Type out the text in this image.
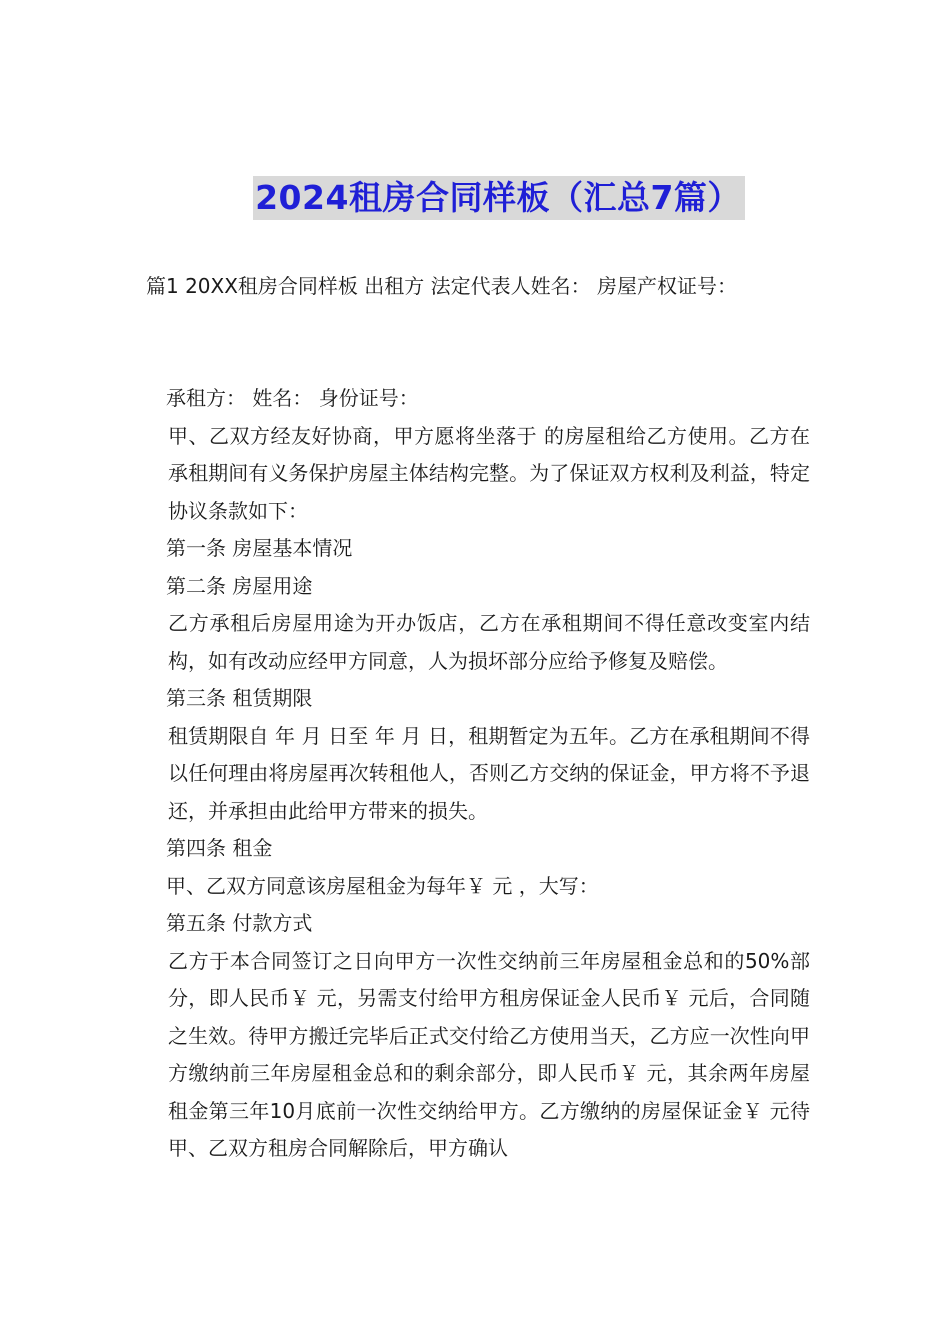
2024租房合同样板（汇总7篇）
篇1 20XX租房合同样板 出租方 法定代表人姓名： 房屋产权证号：

承租方： 姓名： 身份证号：

甲、乙双方经友好协商，甲方愿将坐落于 的房屋租给乙方使用。乙方在承租期间有义务保护房屋主体结构完整。为了保证双方权利及利益，特定协议条款如下：

第一条 房屋基本情况

第二条 房屋用途

乙方承租后房屋用途为开办饭店，乙方在承租期间不得任意改变室内结构，如有改动应经甲方同意，人为损坏部分应给予修复及赔偿。

第三条 租赁期限

租赁期限自 年 月 日至 年 月 日，租期暂定为五年。乙方在承租期间不得以任何理由将房屋再次转租他人，否则乙方交纳的保证金，甲方将不予退还，并承担由此给甲方带来的损失。

第四条 租金

甲、乙双方同意该房屋租金为每年￥ 元 ，大写：

第五条 付款方式

乙方于本合同签订之日向甲方一次性交纳前三年房屋租金总和的50%部分，即人民币￥ 元，另需支付给甲方租房保证金人民币￥ 元后，合同随之生效。待甲方搬迁完毕后正式交付给乙方使用当天，乙方应一次性向甲方缴纳前三年房屋租金总和的剩余部分，即人民币￥ 元，其余两年房屋租金第三年10月底前一次性交纳给甲方。乙方缴纳的房屋保证金￥ 元待甲、乙双方租房合同解除后，甲方确认
